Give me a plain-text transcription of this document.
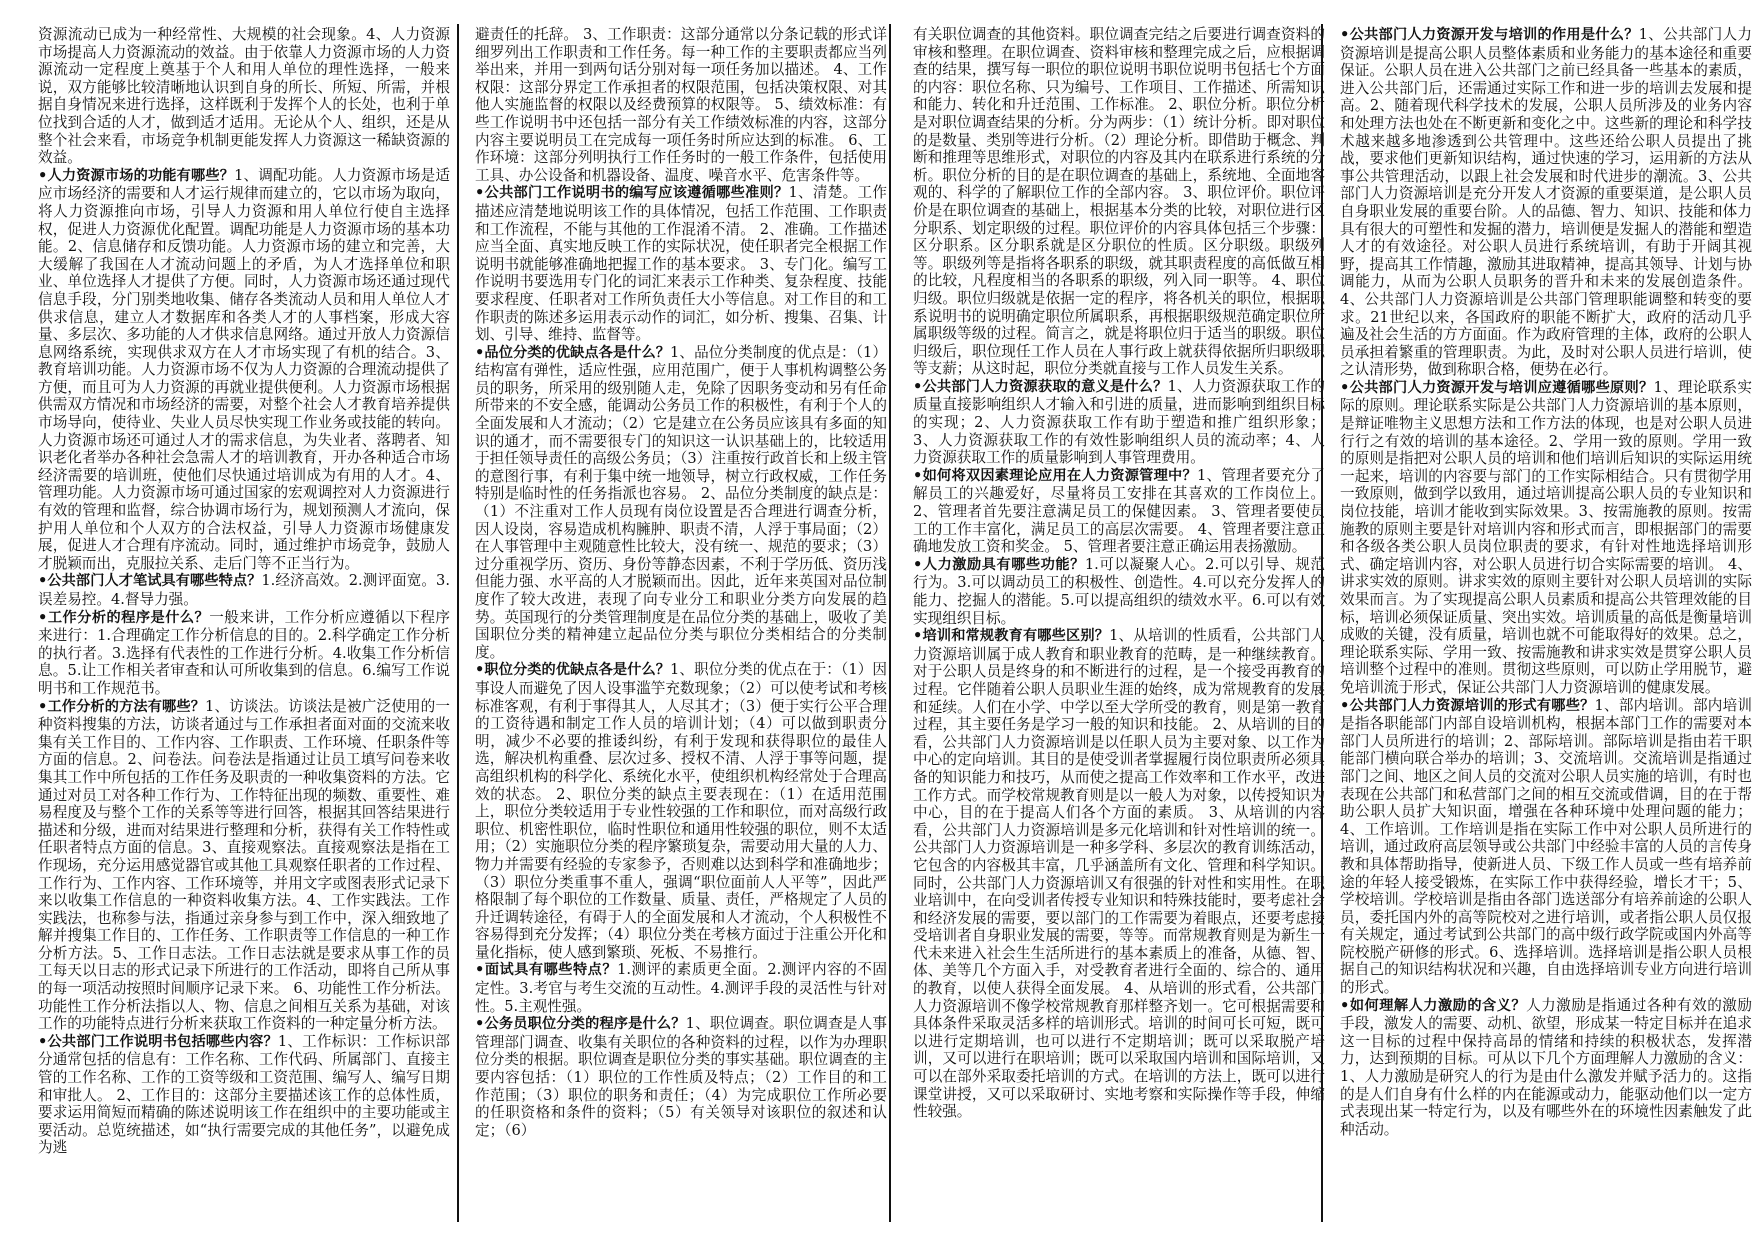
资源流动已成为一种经常性、大规模的社会现象。4、人力资源市场提高人力资源流动的效益。由于依靠人力资源市场的人力资源流动一定程度上奠基于个人和用人单位的理性选择，一般来说，双方能够比较清晰地认识到自身的所长、所短、所需，并根据自身情况来进行选择，这样既利于发挥个人的长处，也利于单位找到合适的人才，做到适才适用。无论从个人、组织，还是从整个社会来看，市场竞争机制更能发挥人力资源这一稀缺资源的效益。

•人力资源市场的功能有哪些？1、调配功能。人力资源市场是适应市场经济的需要和人才运行规律而建立的，它以市场为取向，将人力资源推向市场，引导人力资源和用人单位行使自主选择权，促进人力资源优化配置。调配功能是人力资源市场的基本功能。2、信息储存和反馈功能。人力资源市场的建立和完善，大大缓解了我国在人才流动问题上的矛盾，为人才选择单位和职业、单位选择人才提供了方便。同时，人力资源市场还通过现代信息手段，分门别类地收集、储存各类流动人员和用人单位人才供求信息，建立人才数据库和各类人才的人事档案，形成大容量、多层次、多功能的人才供求信息网络。通过开放人力资源信息网络系统，实现供求双方在人才市场实现了有机的结合。3、教育培训功能。人力资源市场不仅为人力资源的合理流动提供了方便，而且可为人力资源的再就业提供便利。人力资源市场根据供需双方情况和市场经济的需要，对整个社会人才教育培养提供市场导向，使待业、失业人员尽快实现工作业务或技能的转向。人力资源市场还可通过人才的需求信息，为失业者、落聘者、知识老化者举办各种社会急需人才的培训教育，开办各种适合市场经济需要的培训班，使他们尽快通过培训成为有用的人才。4、管理功能。人力资源市场可通过国家的宏观调控对人力资源进行有效的管理和监督，综合协调市场行为，规划预测人才流向，保护用人单位和个人双方的合法权益，引导人力资源市场健康发展，促进人才合理有序流动。同时，通过维护市场竞争，鼓励人才脱颖而出，克服拉关系、走后门等不正当行为。

•公共部门人才笔试具有哪些特点？1.经济高效。2.测评面宽。3.误差易控。4.督导力强。

•工作分析的程序是什么？一般来讲，工作分析应遵循以下程序来进行：1.合理确定工作分析信息的目的。2.科学确定工作分析的执行者。3.选择有代表性的工作进行分析。4.收集工作分析信息。5.让工作相关者审查和认可所收集到的信息。6.编写工作说明书和工作规范书。

•工作分析的方法有哪些？1、访谈法。访谈法是被广泛使用的一种资料搜集的方法，访谈者通过与工作承担者面对面的交流来收集有关工作目的、工作内容、工作职责、工作环境、任职条件等方面的信息。2、问卷法。问卷法是指通过让员工填写问卷来收集其工作中所包括的工作任务及职责的一种收集资料的方法。它通过对员工对各种工作行为、工作特征出现的频数、重要性、难易程度及与整个工作的关系等等进行回答，根据其回答结果进行描述和分级，进而对结果进行整理和分析，获得有关工作特性或任职者特点方面的信息。3、直接观察法。直接观察法是指在工作现场，充分运用感觉器官或其他工具观察任职者的工作过程、工作行为、工作内容、工作环境等，并用文字或图表形式记录下来以收集工作信息的一种资料收集方法。4、工作实践法。工作实践法，也称参与法，指通过亲身参与到工作中，深入细致地了解并搜集工作目的、工作任务、工作职责等工作信息的一种工作分析方法。5、工作日志法。工作日志法就是要求从事工作的员工每天以日志的形式记录下所进行的工作活动，即将自己所从事的每一项活动按照时间顺序记录下来。 6、功能性工作分析法。功能性工作分析法指以人、物、信息之间相互关系为基础，对该工作的功能特点进行分析来获取工作资料的一种定量分析方法。

•公共部门工作说明书包括哪些内容？1、工作标识：工作标识部分通常包括的信息有：工作名称、工作代码、所属部门、直接主管的工作名称、工作的工资等级和工资范围、编写人、编写日期和审批人。 2、工作目的：这部分主要描述该工作的总体性质，要求运用简短而精确的陈述说明该工作在组织中的主要功能或主要活动。总览统描述，如“执行需要完成的其他任务”，以避免成为逃

避责任的托辞。 3、工作职责：这部分通常以分条记载的形式详细罗列出工作职责和工作任务。每一种工作的主要职责都应当列举出来，并用一到两句话分别对每一项任务加以描述。 4、工作权限：这部分界定工作承担者的权限范围，包括决策权限、对其他人实施监督的权限以及经费预算的权限等。 5、绩效标准：有些工作说明书中还包括一部分有关工作绩效标准的内容，这部分内容主要说明员工在完成每一项任务时所应达到的标准。 6、工作环境：这部分列明执行工作任务时的一般工作条件，包括使用工具、办公设备和机器设备、温度、噪音水平、危害条件等。

•公共部门工作说明书的编写应该遵循哪些准则？1、清楚。工作描述应清楚地说明该工作的具体情况，包括工作范围、工作职责和工作流程，不能与其他的工作混淆不清。 2、准确。工作描述应当全面、真实地反映工作的实际状况，使任职者完全根据工作说明书就能够准确地把握工作的基本要求。 3、专门化。编写工作说明书要选用专门化的词汇来表示工作种类、复杂程度、技能要求程度、任职者对工作所负责任大小等信息。对工作目的和工作职责的陈述多运用表示动作的词汇，如分析、搜集、召集、计划、引导、维持、监督等。

•品位分类的优缺点各是什么？1、品位分类制度的优点是：（1）结构富有弹性，适应性强，应用范围广，便于人事机构调整公务员的职务，所采用的级别随人走，免除了因职务变动和另有任命所带来的不安全感，能调动公务员工作的积极性，有利于个人的全面发展和人才流动；（2）它是建立在公务员应该具有多面的知识的通才，而不需要很专门的知识这一认识基础上的，比较适用于担任领导责任的高级公务员；（3）注重按行政首长和上级主管的意图行事，有利于集中统一地领导，树立行政权威，工作任务特别是临时性的任务指派也容易。 2、品位分类制度的缺点是：（1）不注重对工作人员现有岗位设置是否合理进行调查分析，因人设岗，容易造成机构臃肿、职责不清，人浮于事局面；（2）在人事管理中主观随意性比较大，没有统一、规范的要求；（3）过分重视学历、资历、身份等静态因素，不利于学历低、资历浅但能力强、水平高的人才脱颖而出。因此，近年来英国对品位制度作了较大改进，表现了向专业分工和职业分类方向发展的趋势。英国现行的分类管理制度是在品位分类的基础上，吸收了美国职位分类的精神建立起品位分类与职位分类相结合的分类制度。

•职位分类的优缺点各是什么？1、职位分类的优点在于：（1）因事设人而避免了因人设事滥竽充数现象；（2）可以使考试和考核标准客观，有利于事得其人，人尽其才；（3）便于实行公平合理的工资待遇和制定工作人员的培训计划；（4）可以做到职责分明，减少不必要的推诿纠纷，有利于发现和获得职位的最佳人选，解决机构重叠、层次过多、授权不清、人浮于事等问题，提高组织机构的科学化、系统化水平，使组织机构经常处于合理高效的状态。 2、职位分类的缺点主要表现在：（1）在适用范围上，职位分类较适用于专业性较强的工作和职位，而对高级行政职位、机密性职位，临时性职位和通用性较强的职位，则不太适用；（2）实施职位分类的程序繁琐复杂，需要动用大量的人力、物力并需要有经验的专家参予，否则难以达到科学和准确地步；（3）职位分类重事不重人，强调“职位面前人人平等”，因此严格限制了每个职位的工作数量、质量、责任，严格规定了人员的升迁调转途径，有碍于人的全面发展和人才流动，个人积极性不容易得到充分发挥；（4）职位分类在考核方面过于注重公开化和量化指标，使人感到繁琐、死板、不易推行。

•面试具有哪些特点？1.测评的素质更全面。2.测评内容的不固定性。3.考官与考生交流的互动性。4.测评手段的灵活性与针对性。5.主观性强。

•公务员职位分类的程序是什么？1、职位调查。职位调查是人事管理部门调查、收集有关职位的各种资料的过程，以作为办理职位分类的根据。职位调查是职位分类的事实基础。职位调查的主要内容包括：（1）职位的工作性质及特点；（2）工作目的和工作范围；（3）职位的职务和责任；（4）为完成职位工作所必要的任职资格和条件的资料；（5）有关领导对该职位的叙述和认定；（6）

有关职位调查的其他资料。职位调查完结之后要进行调查资料的审核和整理。在职位调查、资料审核和整理完成之后，应根据调查的结果，撰写每一职位的职位说明书职位说明书包括七个方面的内容：职位名称、只为编号、工作项目、工作描述、所需知识和能力、转化和升迁范围、工作标准。 2、职位分析。职位分析是对职位调查结果的分析。分为两步：（1）统计分析。即对职位的是数量、类别等进行分析。（2）理论分析。即借助于概念、判断和推理等思维形式，对职位的内容及其内在联系进行系统的分析。职位分析的目的是在职位调查的基础上，系统地、全面地客观的、科学的了解职位工作的全部内容。 3、职位评价。职位评价是在职位调查的基础上，根据基本分类的比较，对职位进行区分职系、划定职级的过程。职位评价的内容具体包括三个步骤：区分职系。区分职系就是区分职位的性质。区分职级。职级列等。职级列等是指将各职系的职级，就其职责程度的高低做互相的比较，凡程度相当的各职系的职级，列入同一职等。 4、职位归级。职位归级就是依据一定的程序，将各机关的职位，根据职系说明书的说明确定职位所属职系，再根据职级规范确定职位所属职级等级的过程。简言之，就是将职位归于适当的职级。职位归级后，职位现任工作人员在人事行政上就获得依据所归职级职等支薪；从这时起，职位分类就直接与工作人员发生关系。

•公共部门人力资源获取的意义是什么？1、人力资源获取工作的质量直接影响组织人才输入和引进的质量，进而影响到组织目标的实现；2、人力资源获取工作有助于塑造和推广组织形象；3、人力资源获取工作的有效性影响组织人员的流动率；4、人力资源获取工作的质量影响到人事管理费用。

•如何将双因素理论应用在人力资源管理中？1、管理者要充分了解员工的兴趣爱好，尽量将员工安排在其喜欢的工作岗位上。2、管理者首先要注意满足员工的保健因素。 3、管理者要使员工的工作丰富化，满足员工的高层次需要。 4、管理者要注意正确地发放工资和奖金。 5、管理者要注意正确运用表扬激励。

•人力激励具有哪些功能？1.可以凝聚人心。2.可以引导、规范行为。3.可以调动员工的积极性、创造性。4.可以充分发挥人的能力、挖掘人的潜能。5.可以提高组织的绩效水平。6.可以有效实现组织目标。

•培训和常规教育有哪些区别？1、从培训的性质看，公共部门人力资源培训属于成人教育和职业教育的范畴，是一种继续教育。对于公职人员是终身的和不断进行的过程，是一个接受再教育的过程。它伴随着公职人员职业生涯的始终，成为常规教育的发展和延续。人们在小学、中学以至大学所受的教育，则是第一教育过程，其主要任务是学习一般的知识和技能。 2、从培训的目的看，公共部门人力资源培训是以任职人员为主要对象、以工作为中心的定向培训。其目的是使受训者掌握履行岗位职责所必须具备的知识能力和技巧，从而使之提高工作效率和工作水平，改进工作方式。而学校常规教育则是以一般人为对象，以传授知识为中心，目的在于提高人们各个方面的素质。 3、从培训的内容看，公共部门人力资源培训是多元化培训和针对性培训的统一。公共部门人力资源培训是一种多学科、多层次的教育训练活动，它包含的内容极其丰富，几乎涵盖所有文化、管理和科学知识。同时，公共部门人力资源培训又有很强的针对性和实用性。在职业培训中，在向受训者传授专业知识和特殊技能时，要考虑社会和经济发展的需要，要以部门的工作需要为着眼点，还要考虑接受培训者自身职业发展的需要，等等。而常规教育则是为新生一代未来进入社会生生活所进行的基本素质上的准备，从德、智、体、美等几个方面入手，对受教育者进行全面的、综合的、通用的教育，以使人获得全面发展。 4、从培训的形式看，公共部门人力资源培训不像学校常规教育那样整齐划一。它可根据需要和具体条件采取灵活多样的培训形式。培训的时间可长可短，既可以进行定期培训，也可以进行不定期培训；既可以采取脱产培训，又可以进行在职培训；既可以采取国内培训和国际培训，又可以在部外采取委托培训的方式。在培训的方法上，既可以进行课堂讲授，又可以采取研讨、实地考察和实际操作等手段，伸缩性较强。

•公共部门人力资源开发与培训的作用是什么？1、公共部门人力资源培训是提高公职人员整体素质和业务能力的基本途径和重要保证。公职人员在进入公共部门之前已经具备一些基本的素质，进入公共部门后，还需通过实际工作和进一步的培训去发展和提高。2、随着现代科学技术的发展，公职人员所涉及的业务内容和处理方法也处在不断更新和变化之中。这些新的理论和科学技术越来越多地渗透到公共管理中。这些还给公职人员提出了挑战，要求他们更新知识结构，通过快速的学习，运用新的方法从事公共管理活动，以跟上社会发展和时代进步的潮流。3、公共部门人力资源培训是充分开发人才资源的重要渠道，是公职人员自身职业发展的重要台阶。人的品德、智力、知识、技能和体力具有很大的可塑性和发掘的潜力，培训便是发掘人的潜能和塑造人才的有效途径。对公职人员进行系统培训，有助于开阔其视野，提高其工作情趣，激励其进取精神，提高其领导、计划与协调能力，从而为公职人员职务的晋升和未来的发展创造条件。4、公共部门人力资源培训是公共部门管理职能调整和转变的要求。21世纪以来，各国政府的职能不断扩大，政府的活动几乎遍及社会生活的方方面面。作为政府管理的主体，政府的公职人员承担着繁重的管理职责。为此，及时对公职人员进行培训，使之认清形势，做到称职合格，便势在必行。

•公共部门人力资源开发与培训应遵循哪些原则？1、理论联系实际的原则。理论联系实际是公共部门人力资源培训的基本原则，是辩证唯物主义思想方法和工作方法的体现，也是对公职人员进行行之有效的培训的基本途径。2、学用一致的原则。学用一致的原则是指把对公职人员的培训和他们培训后知识的实际运用统一起来，培训的内容要与部门的工作实际相结合。只有贯彻学用一致原则，做到学以致用，通过培训提高公职人员的专业知识和岗位技能，培训才能收到实际效果。3、按需施教的原则。按需施教的原则主要是针对培训内容和形式而言，即根据部门的需要和各级各类公职人员岗位职责的要求，有针对性地选择培训形式、确定培训内容，对公职人员进行切合实际需要的培训。 4、讲求实效的原则。讲求实效的原则主要针对公职人员培训的实际效果而言。为了实现提高公职人员素质和提高公共管理效能的目标，培训必须保证质量、突出实效。培训质量的高低是衡量培训成败的关键，没有质量，培训也就不可能取得好的效果。总之，理论联系实际、学用一致、按需施教和讲求实效是贯穿公职人员培训整个过程中的准则。贯彻这些原则，可以防止学用脱节，避免培训流于形式，保证公共部门人力资源培训的健康发展。

•公共部门人力资源培训的形式有哪些？1、部内培训。部内培训是指各职能部门内部自设培训机构，根据本部门工作的需要对本部门人员所进行的培训；2、部际培训。部际培训是指由若干职能部门横向联合举办的培训；3、交流培训。交流培训是指通过部门之间、地区之间人员的交流对公职人员实施的培训，有时也表现在公共部门和私营部门之间的相互交流或借调，目的在于帮助公职人员扩大知识面，增强在各种环境中处理问题的能力；4、工作培训。工作培训是指在实际工作中对公职人员所进行的培训，通过政府高层领导或公共部门中经验丰富的人员的言传身教和具体帮助指导，使新进人员、下级工作人员或一些有培养前途的年轻人接受锻炼，在实际工作中获得经验，增长才干；5、学校培训。学校培训是指由各部门选送部分有培养前途的公职人员，委托国内外的高等院校对之进行培训，或者指公职人员仅报有关规定，通过考试到公共部门的高中级行政学院或国内外高等院校脱产研修的形式。6、选择培训。选择培训是指公职人员根据自己的知识结构状况和兴趣，自由选择培训专业方向进行培训的形式。

•如何理解人力激励的含义？人力激励是指通过各种有效的激励手段，激发人的需要、动机、欲望，形成某一特定目标并在追求这一目标的过程中保持高昂的情绪和持续的积极状态，发挥潜力，达到预期的目标。可从以下几个方面理解人力激励的含义：1、人力激励是研究人的行为是由什么激发并赋予活力的。这指的是人们自身有什么样的内在能源或动力，能驱动他们以一定方式表现出某一特定行为，以及有哪些外在的环境性因素触发了此种活动。
